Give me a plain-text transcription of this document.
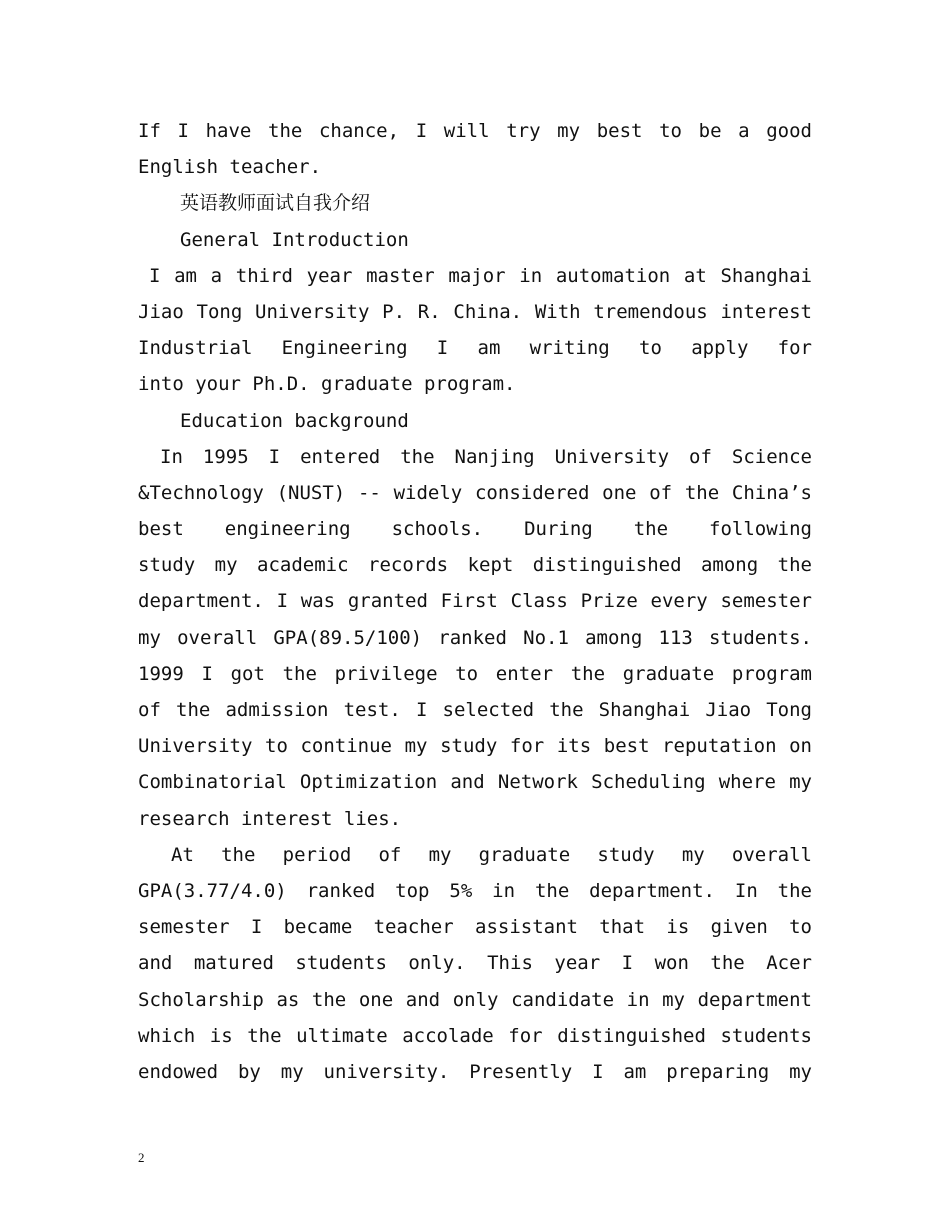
If I have the chance, I will try my best to be a good
English teacher.
英语教师面试自我介绍
General Introduction
I am a third year master major in automation at Shanghai
Jiao Tong University P. R. China. With tremendous interest
Industrial Engineering I am writing to apply for
into your Ph.D. graduate program.
Education background
In 1995 I entered the Nanjing University of Science
&Technology (NUST) -- widely considered one of the China’s
best engineering schools. During the following
study my academic records kept distinguished among the
department. I was granted First Class Prize every semester
my overall GPA(89.5/100) ranked No.1 among 113 students.
1999 I got the privilege to enter the graduate program
of the admission test. I selected the Shanghai Jiao Tong
University to continue my study for its best reputation on
Combinatorial Optimization and Network Scheduling where my
research interest lies.
At the period of my graduate study my overall
GPA(3.77/4.0) ranked top 5% in the department. In the
semester I became teacher assistant that is given to
and matured students only. This year I won the Acer
Scholarship as the one and only candidate in my department
which is the ultimate accolade for distinguished students
endowed by my university. Presently I am preparing my
2
